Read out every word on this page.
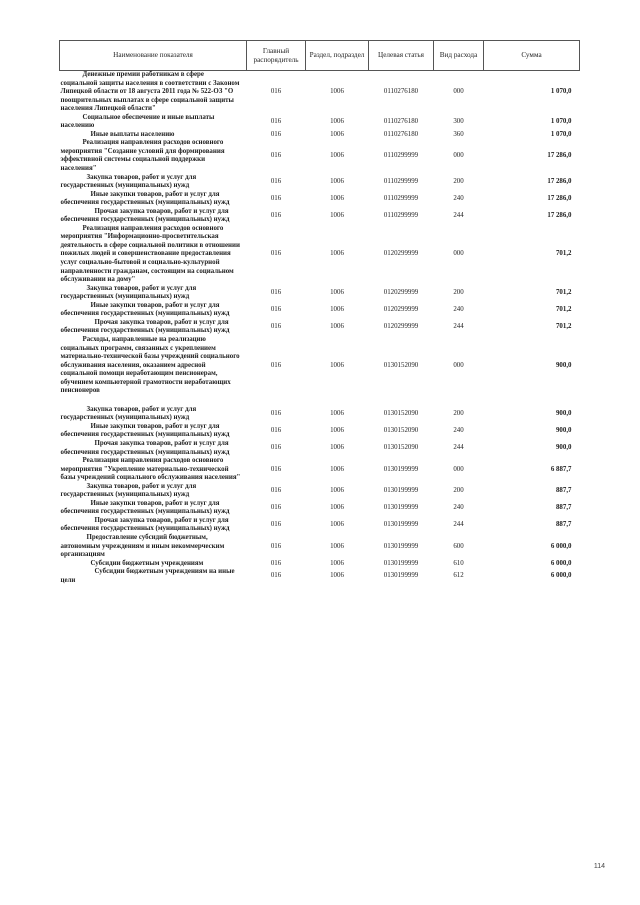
Наименование показателя	Главный распорядитель	Раздел, подраздел	Целевая статья	Вид расхода	Сумма
Денежные премии работникам в сфере социальной защиты населения в соответствии с Законом Липецкой области от 18 августа 2011 года № 522-ОЗ "О поощрительных выплатах в сфере социальной защиты населения Липецкой области"	016	1006	0110276180	000	1 070,0
Социальное обеспечение и иные выплаты населению	016	1006	0110276180	300	1 070,0
Иные выплаты населению	016	1006	0110276180	360	1 070,0
Реализация направления расходов основного мероприятия "Создание условий для формирования эффективной системы социальной поддержки населения"	016	1006	0110299999	000	17 286,0
Закупка товаров, работ и услуг для государственных (муниципальных) нужд	016	1006	0110299999	200	17 286,0
Иные закупки товаров, работ и услуг для обеспечения государственных (муниципальных) нужд	016	1006	0110299999	240	17 286,0
Прочая закупка товаров, работ и услуг для обеспечения государственных (муниципальных) нужд	016	1006	0110299999	244	17 286,0
Реализация направления расходов основного мероприятия "Информационно-просветительская деятельность в сфере социальной политики в отношении пожилых людей и совершенствование предоставления услуг социально-бытовой и социально-культурной направленности гражданам, состоящим на социальном обслуживании на дому"	016	1006	0120299999	000	701,2
Закупка товаров, работ и услуг для государственных (муниципальных) нужд	016	1006	0120299999	200	701,2
Иные закупки товаров, работ и услуг для обеспечения государственных (муниципальных) нужд	016	1006	0120299999	240	701,2
Прочая закупка товаров, работ и услуг для обеспечения государственных (муниципальных) нужд	016	1006	0120299999	244	701,2
Расходы, направленные на реализацию социальных программ, связанных с укреплением материально-технической базы учреждений социального обслуживания населения, оказанием адресной социальной помощи неработающим пенсионерам, обучением компьютерной грамотности неработающих пенсионеров	016	1006	0130152090	000	900,0
Закупка товаров, работ и услуг для государственных (муниципальных) нужд	016	1006	0130152090	200	900,0
Иные закупки товаров, работ и услуг для обеспечения государственных (муниципальных) нужд	016	1006	0130152090	240	900,0
Прочая закупка товаров, работ и услуг для обеспечения государственных (муниципальных) нужд	016	1006	0130152090	244	900,0
Реализация направления расходов основного мероприятия "Укрепление материально-технической базы учреждений социального обслуживания населения"	016	1006	0130199999	000	6 887,7
Закупка товаров, работ и услуг для государственных (муниципальных) нужд	016	1006	0130199999	200	887,7
Иные закупки товаров, работ и услуг для обеспечения государственных (муниципальных) нужд	016	1006	0130199999	240	887,7
Прочая закупка товаров, работ и услуг для обеспечения государственных (муниципальных) нужд	016	1006	0130199999	244	887,7
Предоставление субсидий бюджетным, автономным учреждениям и иным некоммерческим организациям	016	1006	0130199999	600	6 000,0
Субсидии бюджетным учреждениям	016	1006	0130199999	610	6 000,0
Субсидии бюджетным учреждениям на иные цели	016	1006	0130199999	612	6 000,0
114
